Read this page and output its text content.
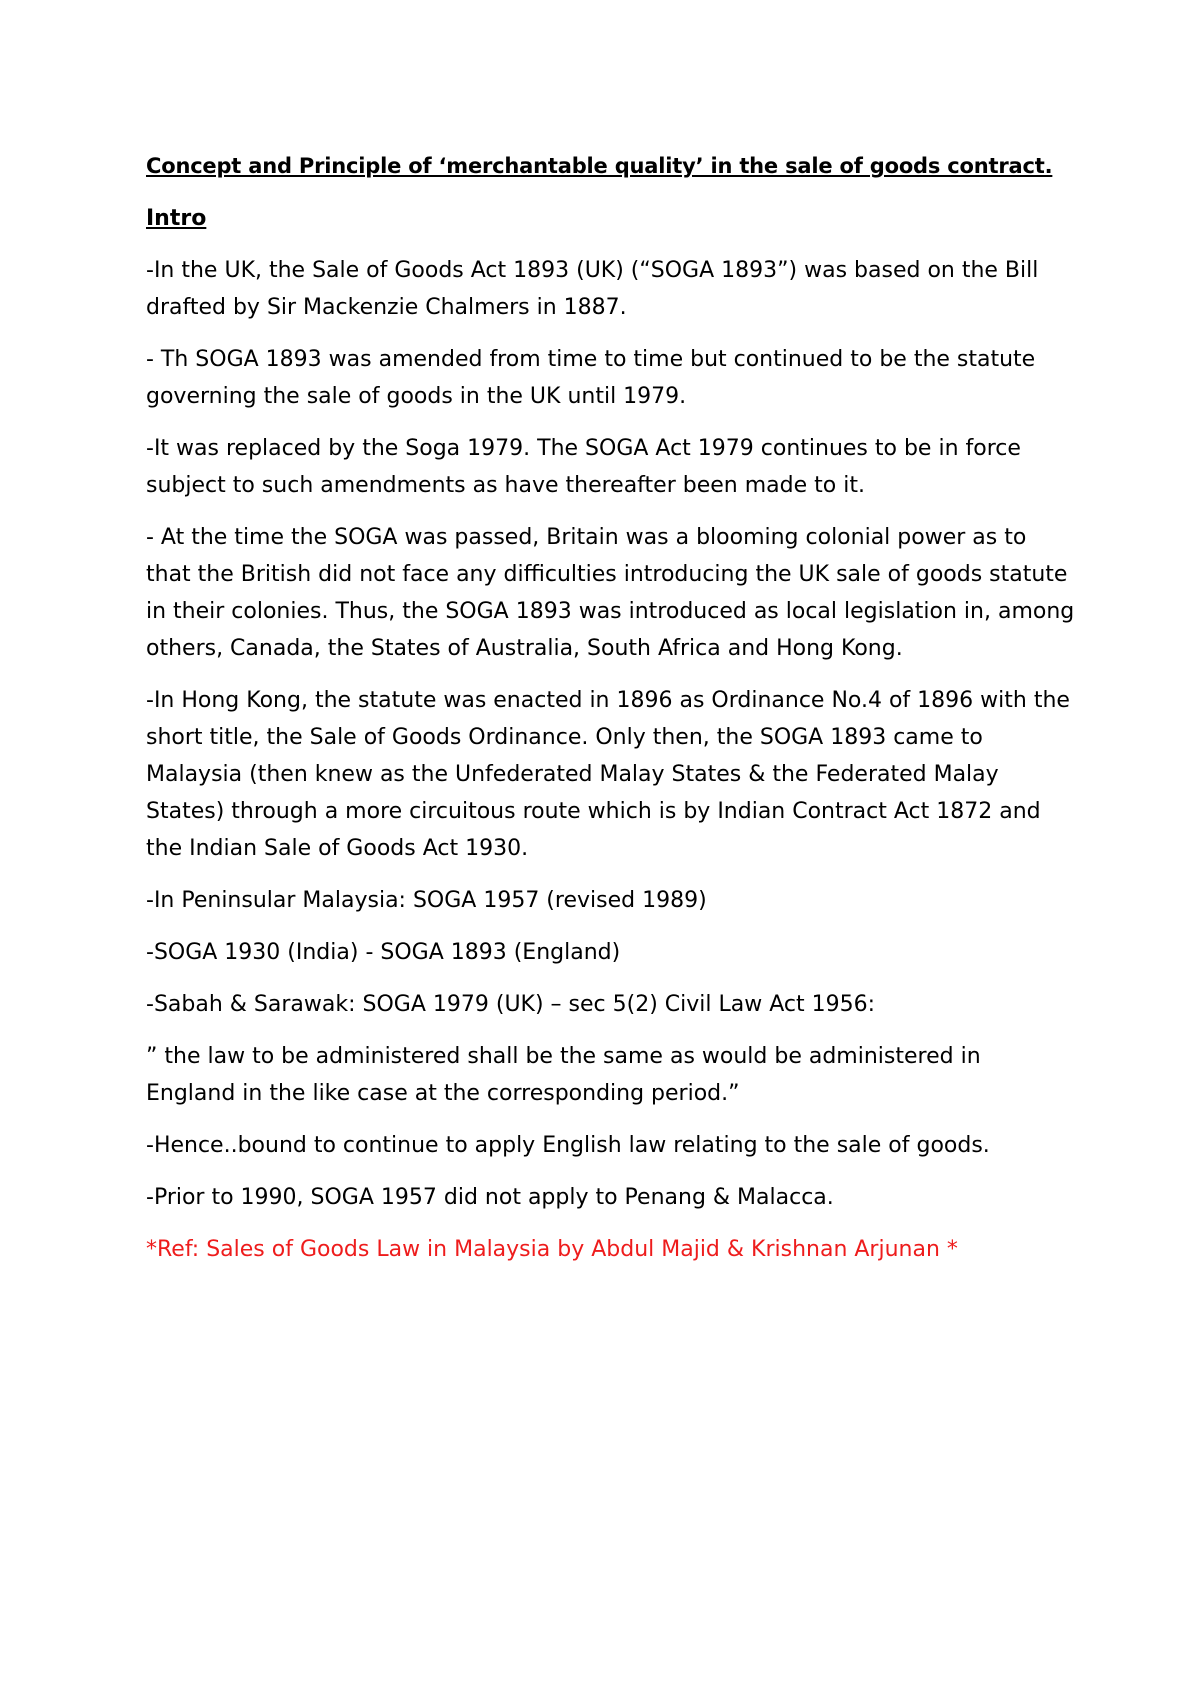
Concept and Principle of ‘merchantable quality’ in the sale of goods contract.

Intro

-In the UK, the Sale of Goods Act 1893 (UK) (“SOGA 1893”) was based on the Bill drafted by Sir Mackenzie Chalmers in 1887.

- Th SOGA 1893 was amended from time to time but continued to be the statute governing the sale of goods in the UK until 1979.

-It was replaced by the Soga 1979. The SOGA Act 1979 continues to be in force subject to such amendments as have thereafter been made to it.

- At the time the SOGA was passed, Britain was a blooming colonial power as to that the British did not face any difficulties introducing the UK sale of goods statute in their colonies. Thus, the SOGA 1893 was introduced as local legislation in, among others, Canada, the States of Australia, South Africa and Hong Kong.

-In Hong Kong, the statute was enacted in 1896 as Ordinance No.4 of 1896 with the short title, the Sale of Goods Ordinance. Only then, the SOGA 1893 came to Malaysia (then knew as the Unfederated Malay States & the Federated Malay States) through a more circuitous route which is by Indian Contract Act 1872 and the Indian Sale of Goods Act 1930.

-In Peninsular Malaysia: SOGA 1957 (revised 1989)

-SOGA 1930 (India) - SOGA 1893 (England)

-Sabah & Sarawak: SOGA 1979 (UK) – sec 5(2) Civil Law Act 1956:

” the law to be administered shall be the same as would be administered in England in the like case at the corresponding period.”

-Hence..bound to continue to apply English law relating to the sale of goods.

-Prior to 1990, SOGA 1957 did not apply to Penang & Malacca.

*Ref: Sales of Goods Law in Malaysia by Abdul Majid & Krishnan Arjunan *
